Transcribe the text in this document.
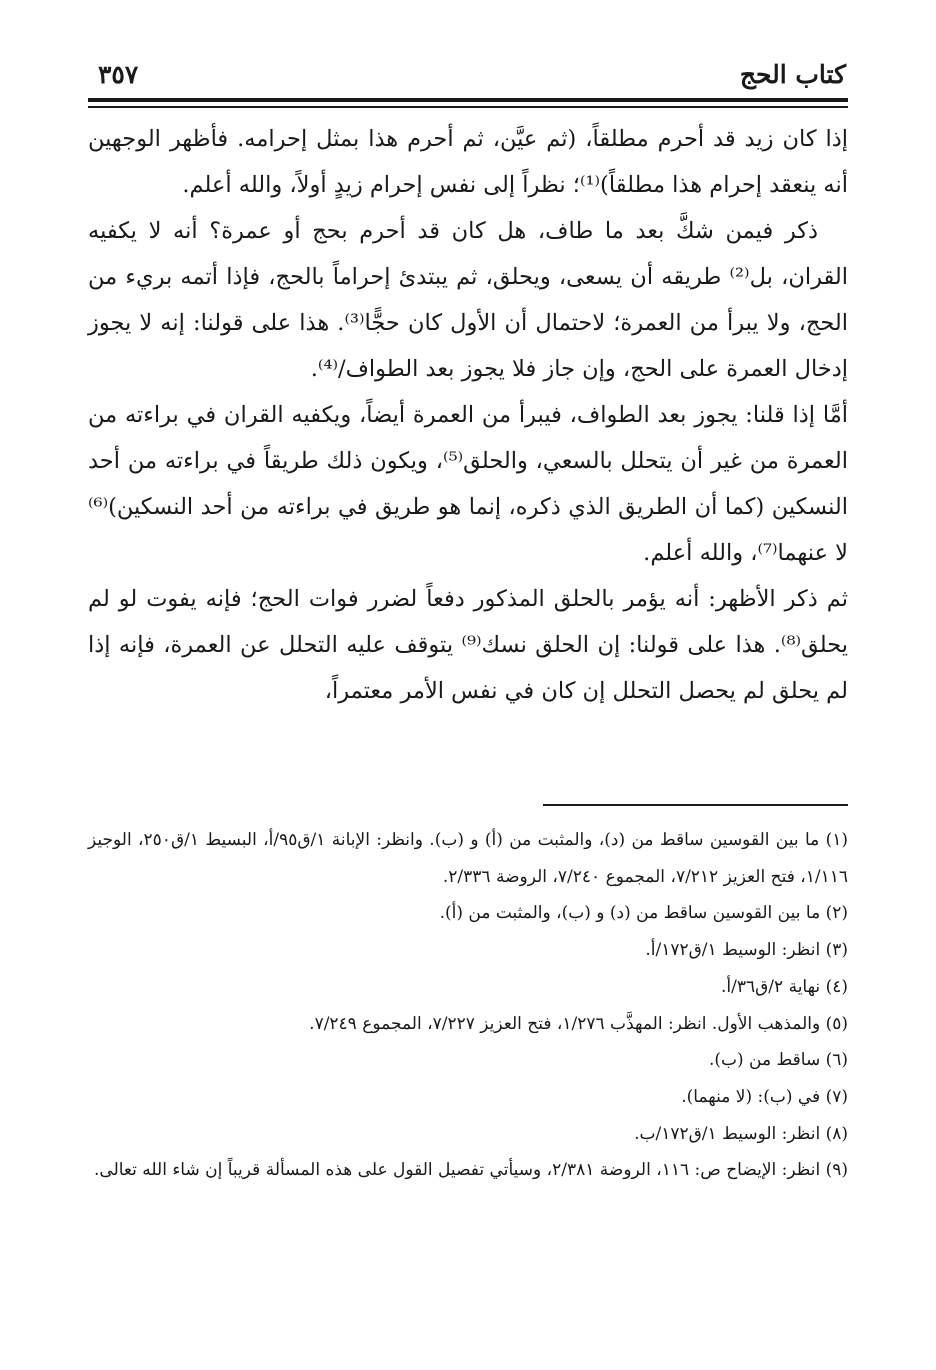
كتاب الحج
٣٥٧

إذا كان زيد قد أحرم مطلقاً، (ثم عيَّن، ثم أحرم هذا بمثل إحرامه. فأظهر الوجهين أنه ينعقد إحرام هذا مطلقاً)⁽¹⁾؛ نظراً إلى نفس إحرام زيدٍ أولاً، والله أعلم.

ذكر فيمن شكَّ بعد ما طاف، هل كان قد أحرم بحج أو عمرة؟ أنه لا يكفيه القران، بل⁽²⁾ طريقه أن يسعى، ويحلق، ثم يبتدئ إحراماً بالحج، فإذا أتمه بريء من الحج، ولا يبرأ من العمرة؛ لاحتمال أن الأول كان حجًّا⁽³⁾. هذا على قولنا: إنه لا يجوز إدخال العمرة على الحج، وإن جاز فلا يجوز بعد الطواف/⁽⁴⁾.

أمَّا إذا قلنا: يجوز بعد الطواف، فيبرأ من العمرة أيضاً، ويكفيه القران في براءته من العمرة من غير أن يتحلل بالسعي، والحلق⁽⁵⁾، ويكون ذلك طريقاً في براءته من أحد النسكين (كما أن الطريق الذي ذكره، إنما هو طريق في براءته من أحد النسكين)⁽⁶⁾ لا عنهما⁽⁷⁾، والله أعلم.

ثم ذكر الأظهر: أنه يؤمر بالحلق المذكور دفعاً لضرر فوات الحج؛ فإنه يفوت لو لم يحلق⁽⁸⁾. هذا على قولنا: إن الحلق نسك⁽⁹⁾ يتوقف عليه التحلل عن العمرة، فإنه إذا لم يحلق لم يحصل التحلل إن كان في نفس الأمر معتمراً،

(١) ما بين القوسين ساقط من (د)، والمثبت من (أ) و (ب). وانظر: الإبانة ١/ق٩٥/أ، البسيط ١/ق٢٥٠، الوجيز ١/١١٦، فتح العزيز ٧/٢١٢، المجموع ٧/٢٤٠، الروضة ٢/٣٣٦.

(٢) ما بين القوسين ساقط من (د) و (ب)، والمثبت من (أ).

(٣) انظر: الوسيط ١/ق١٧٢/أ.

(٤) نهاية ٢/ق٣٦/أ.

(٥) والمذهب الأول. انظر: المهذَّب ١/٢٧٦، فتح العزيز ٧/٢٢٧، المجموع ٧/٢٤٩.

(٦) ساقط من (ب).

(٧) في (ب): (لا منهما).

(٨) انظر: الوسيط ١/ق١٧٢/ب.

(٩) انظر: الإيضاح ص: ١١٦، الروضة ٢/٣٨١، وسيأتي تفصيل القول على هذه المسألة قريباً إن شاء الله تعالى.
